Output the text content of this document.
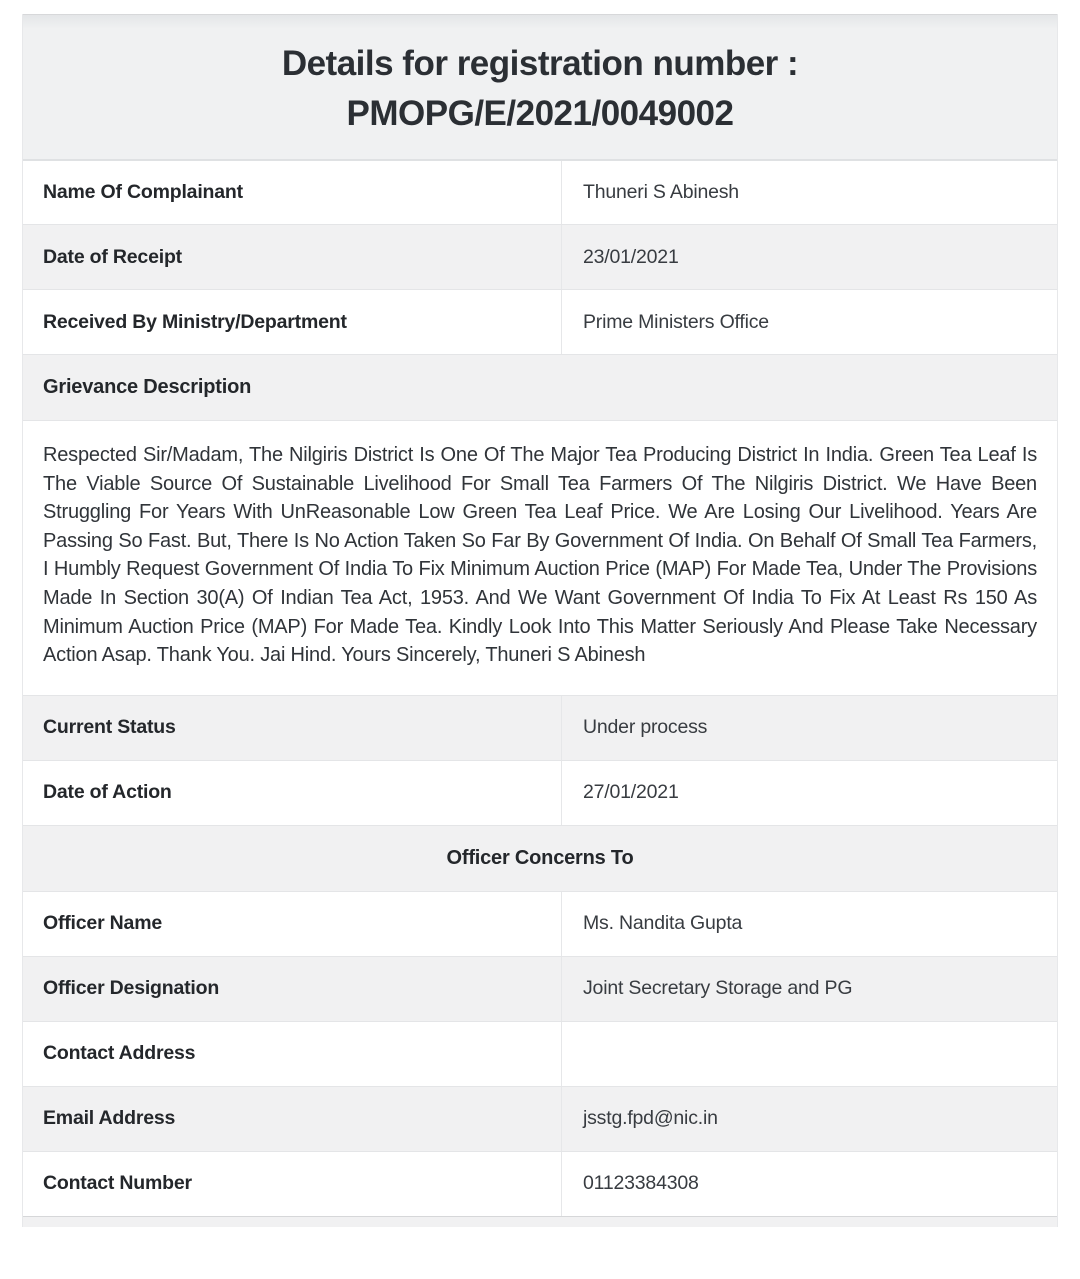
Details for registration number :
PMOPG/E/2021/0049002
Name Of Complainant	Thuneri S Abinesh
Date of Receipt	23/01/2021
Received By Ministry/Department	Prime Ministers Office
Grievance Description
Respected Sir/Madam, The Nilgiris District Is One Of The Major Tea Producing District In India. Green Tea Leaf Is The Viable Source Of Sustainable Livelihood For Small Tea Farmers Of The Nilgiris District. We Have Been Struggling For Years With UnReasonable Low Green Tea Leaf Price. We Are Losing Our Livelihood. Years Are Passing So Fast. But, There Is No Action Taken So Far By Government Of India. On Behalf Of Small Tea Farmers, I Humbly Request Government Of India To Fix Minimum Auction Price (MAP) For Made Tea, Under The Provisions Made In Section 30(A) Of Indian Tea Act, 1953. And We Want Government Of India To Fix At Least Rs 150 As Minimum Auction Price (MAP) For Made Tea. Kindly Look Into This Matter Seriously And Please Take Necessary Action Asap. Thank You. Jai Hind. Yours Sincerely, Thuneri S Abinesh
Current Status	Under process
Date of Action	27/01/2021
Officer Concerns To
Officer Name	Ms. Nandita Gupta
Officer Designation	Joint Secretary Storage and PG
Contact Address
Email Address	jsstg.fpd@nic.in
Contact Number	01123384308
